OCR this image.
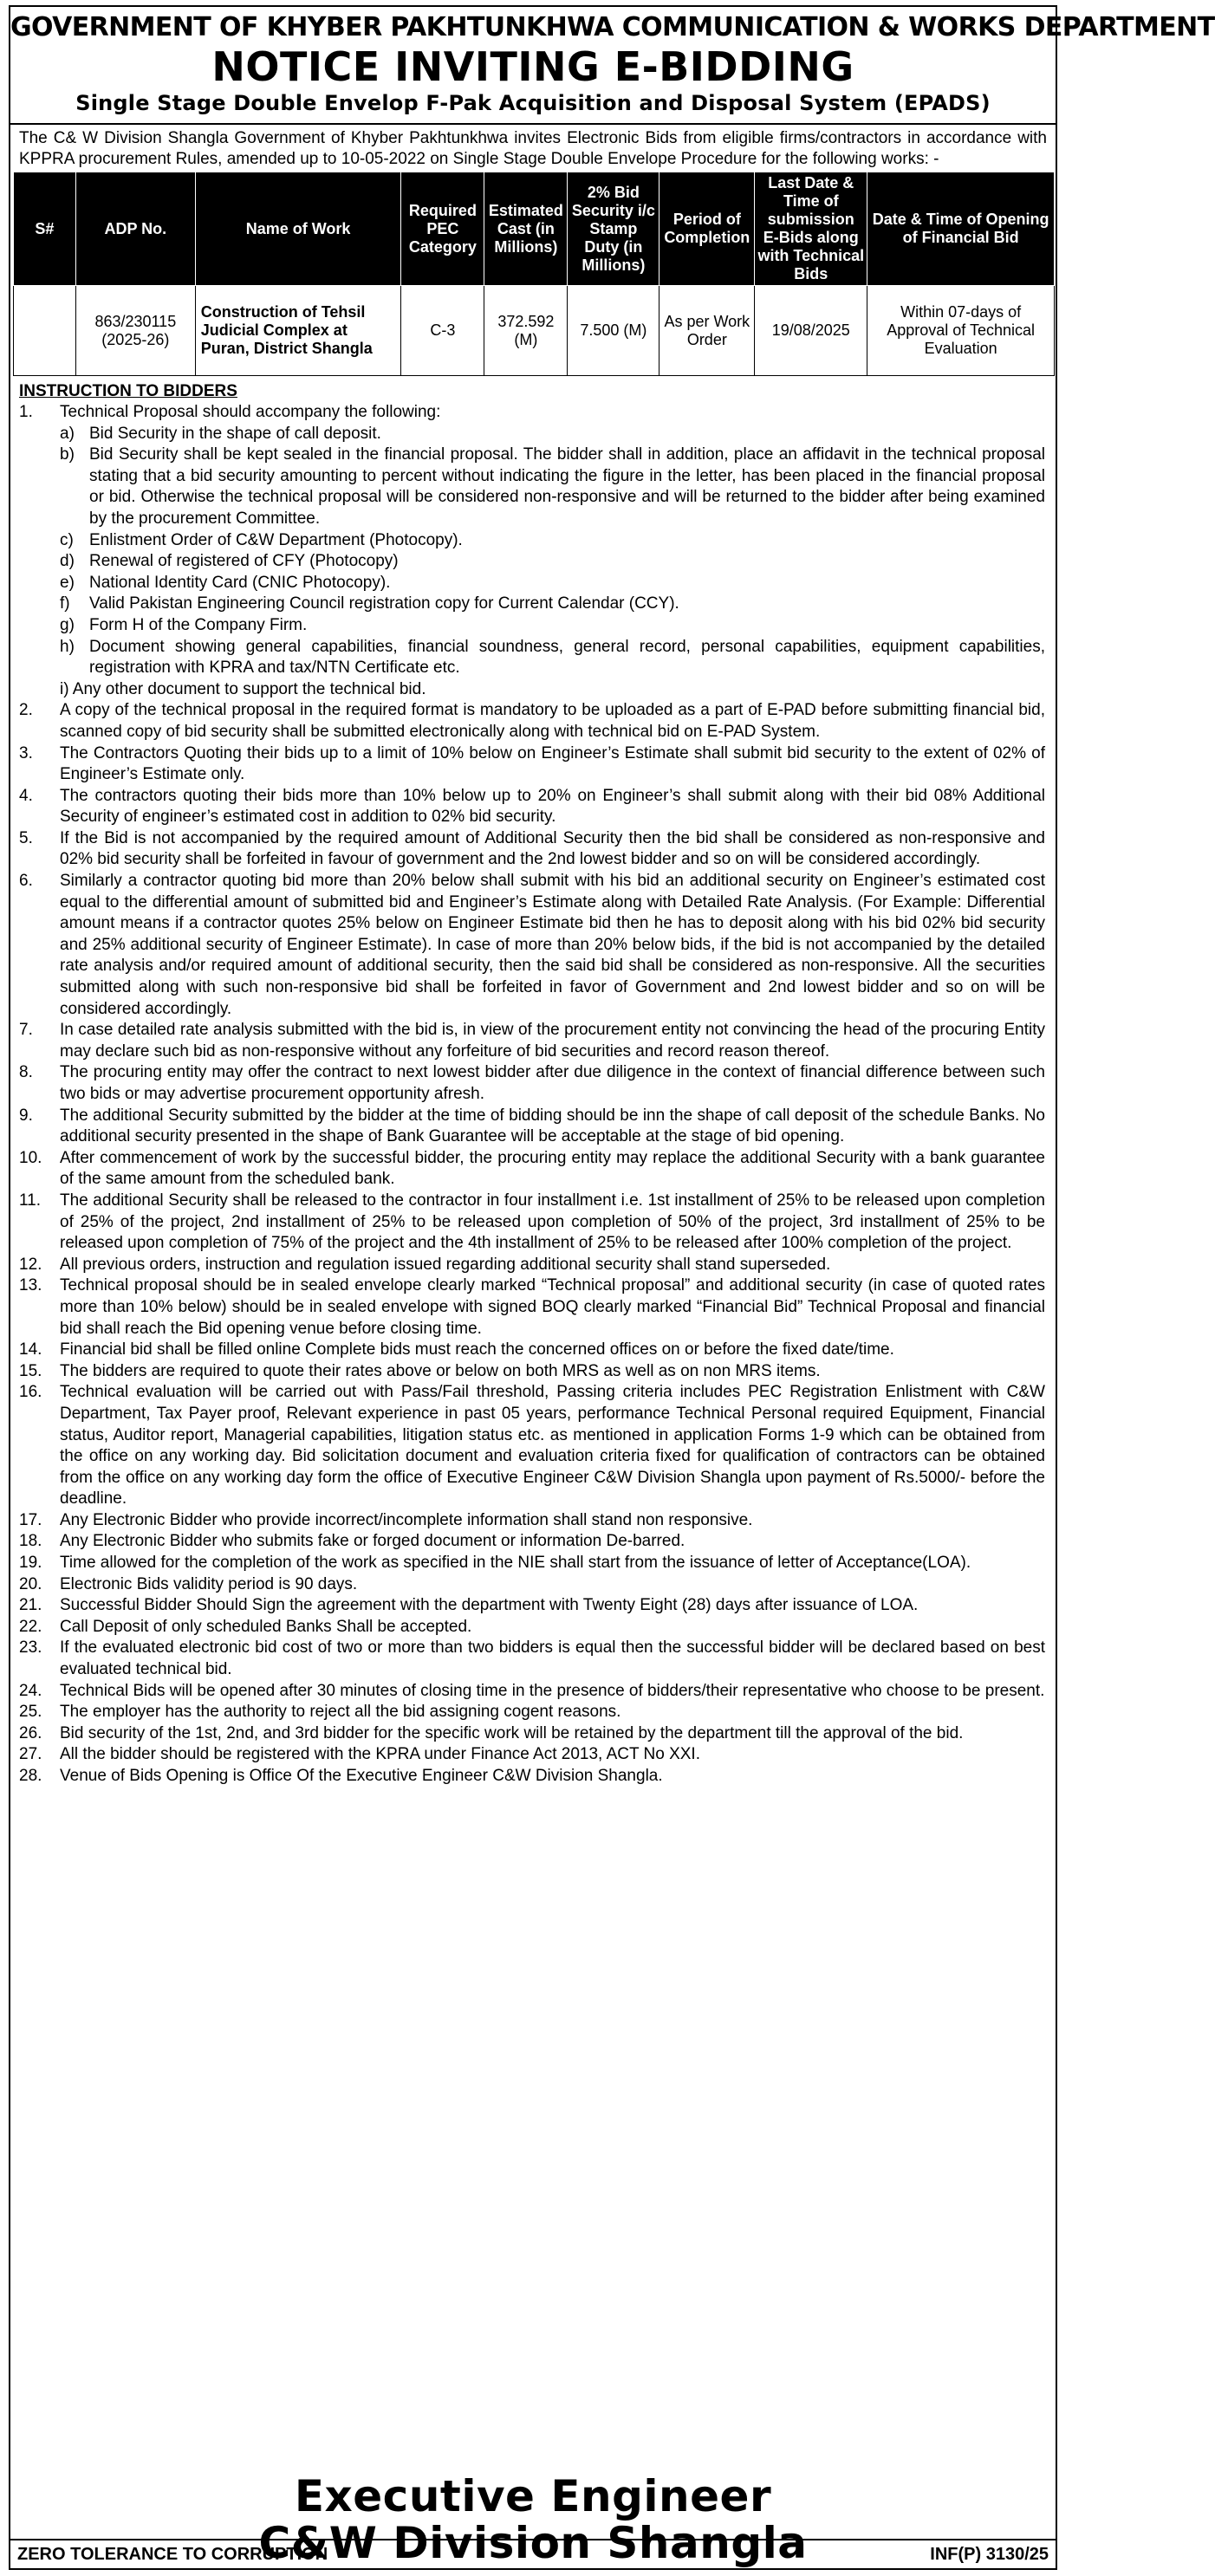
GOVERNMENT OF KHYBER PAKHTUNKHWA COMMUNICATION & WORKS DEPARTMENT
NOTICE INVITING E-BIDDING
Single Stage Double Envelop F-Pak Acquisition and Disposal System (EPADS)

The C& W Division Shangla Government of Khyber Pakhtunkhwa invites Electronic Bids from eligible firms/contractors in accordance with KPPRA procurement Rules, amended up to 10-05-2022 on Single Stage Double Envelope Procedure for the following works: -

S#	ADP No.	Name of Work	Required PEC Category	Estimated Cast (in Millions)	2% Bid Security i/c Stamp Duty (in Millions)	Period of Completion	Last Date & Time of submission E-Bids along with Technical Bids	Date & Time of Opening of Financial Bid
	863/230115 (2025-26)	Construction of Tehsil Judicial Complex at Puran, District Shangla	C-3	372.592 (M)	7.500 (M)	As per Work Order	19/08/2025	Within 07-days of Approval of Technical Evaluation
INSTRUCTION TO BIDDERS
1. Technical Proposal should accompany the following:
a) Bid Security in the shape of call deposit.
b) Bid Security shall be kept sealed in the financial proposal. The bidder shall in addition, place an affidavit in the technical proposal stating that a bid security amounting to percent without indicating the figure in the letter, has been placed in the financial proposal or bid. Otherwise the technical proposal will be considered non-responsive and will be returned to the bidder after being examined by the procurement Committee.
c) Enlistment Order of C&W Department (Photocopy).
d) Renewal of registered of CFY (Photocopy)
e) National Identity Card (CNIC Photocopy).
f) Valid Pakistan Engineering Council registration copy for Current Calendar (CCY).
g) Form H of the Company Firm.
h) Document showing general capabilities, financial soundness, general record, personal capabilities, equipment capabilities, registration with KPRA and tax/NTN Certificate etc.
i) Any other document to support the technical bid.
2. A copy of the technical proposal in the required format is mandatory to be uploaded as a part of E-PAD before submitting financial bid, scanned copy of bid security shall be submitted electronically along with technical bid on E-PAD System.
3. The Contractors Quoting their bids up to a limit of 10% below on Engineer’s Estimate shall submit bid security to the extent of 02% of Engineer’s Estimate only.
4. The contractors quoting their bids more than 10% below up to 20% on Engineer’s shall submit along with their bid 08% Additional Security of engineer’s estimated cost in addition to 02% bid security.
5. If the Bid is not accompanied by the required amount of Additional Security then the bid shall be considered as non-responsive and 02% bid security shall be forfeited in favour of government and the 2nd lowest bidder and so on will be considered accordingly.
6. Similarly a contractor quoting bid more than 20% below shall submit with his bid an additional security on Engineer’s estimated cost equal to the differential amount of submitted bid and Engineer’s Estimate along with Detailed Rate Analysis. (For Example: Differential amount means if a contractor quotes 25% below on Engineer Estimate bid then he has to deposit along with his bid 02% bid security and 25% additional security of Engineer Estimate). In case of more than 20% below bids, if the bid is not accompanied by the detailed rate analysis and/or required amount of additional security, then the said bid shall be considered as non-responsive. All the securities submitted along with such non-responsive bid shall be forfeited in favor of Government and 2nd lowest bidder and so on will be considered accordingly.
7. In case detailed rate analysis submitted with the bid is, in view of the procurement entity not convincing the head of the procuring Entity may declare such bid as non-responsive without any forfeiture of bid securities and record reason thereof.
8. The procuring entity may offer the contract to next lowest bidder after due diligence in the context of financial difference between such two bids or may advertise procurement opportunity afresh.
9. The additional Security submitted by the bidder at the time of bidding should be inn the shape of call deposit of the schedule Banks. No additional security presented in the shape of Bank Guarantee will be acceptable at the stage of bid opening.
10. After commencement of work by the successful bidder, the procuring entity may replace the additional Security with a bank guarantee of the same amount from the scheduled bank.
11. The additional Security shall be released to the contractor in four installment i.e. 1st installment of 25% to be released upon completion of 25% of the project, 2nd installment of 25% to be released upon completion of 50% of the project, 3rd installment of 25% to be released upon completion of 75% of the project and the 4th installment of 25% to be released after 100% completion of the project.
12. All previous orders, instruction and regulation issued regarding additional security shall stand superseded.
13. Technical proposal should be in sealed envelope clearly marked “Technical proposal” and additional security (in case of quoted rates more than 10% below) should be in sealed envelope with signed BOQ clearly marked “Financial Bid” Technical Proposal and financial bid shall reach the Bid opening venue before closing time.
14. Financial bid shall be filled online Complete bids must reach the concerned offices on or before the fixed date/time.
15. The bidders are required to quote their rates above or below on both MRS as well as on non MRS items.
16. Technical evaluation will be carried out with Pass/Fail threshold, Passing criteria includes PEC Registration Enlistment with C&W Department, Tax Payer proof, Relevant experience in past 05 years, performance Technical Personal required Equipment, Financial status, Auditor report, Managerial capabilities, litigation status etc. as mentioned in application Forms 1-9 which can be obtained from the office on any working day. Bid solicitation document and evaluation criteria fixed for qualification of contractors can be obtained from the office on any working day form the office of Executive Engineer C&W Division Shangla upon payment of Rs.5000/- before the deadline.
17. Any Electronic Bidder who provide incorrect/incomplete information shall stand non responsive.
18. Any Electronic Bidder who submits fake or forged document or information De-barred.
19. Time allowed for the completion of the work as specified in the NIE shall start from the issuance of letter of Acceptance(LOA).
20. Electronic Bids validity period is 90 days.
21. Successful Bidder Should Sign the agreement with the department with Twenty Eight (28) days after issuance of LOA.
22. Call Deposit of only scheduled Banks Shall be accepted.
23. If the evaluated electronic bid cost of two or more than two bidders is equal then the successful bidder will be declared based on best evaluated technical bid.
24. Technical Bids will be opened after 30 minutes of closing time in the presence of bidders/their representative who choose to be present.
25. The employer has the authority to reject all the bid assigning cogent reasons.
26. Bid security of the 1st, 2nd, and 3rd bidder for the specific work will be retained by the department till the approval of the bid.
27. All the bidder should be registered with the KPRA under Finance Act 2013, ACT No XXI.
28. Venue of Bids Opening is Office Of the Executive Engineer C&W Division Shangla.
Executive Engineer
C&W Division Shangla
ZERO TOLERANCE TO CORRUPTION	INF(P) 3130/25
